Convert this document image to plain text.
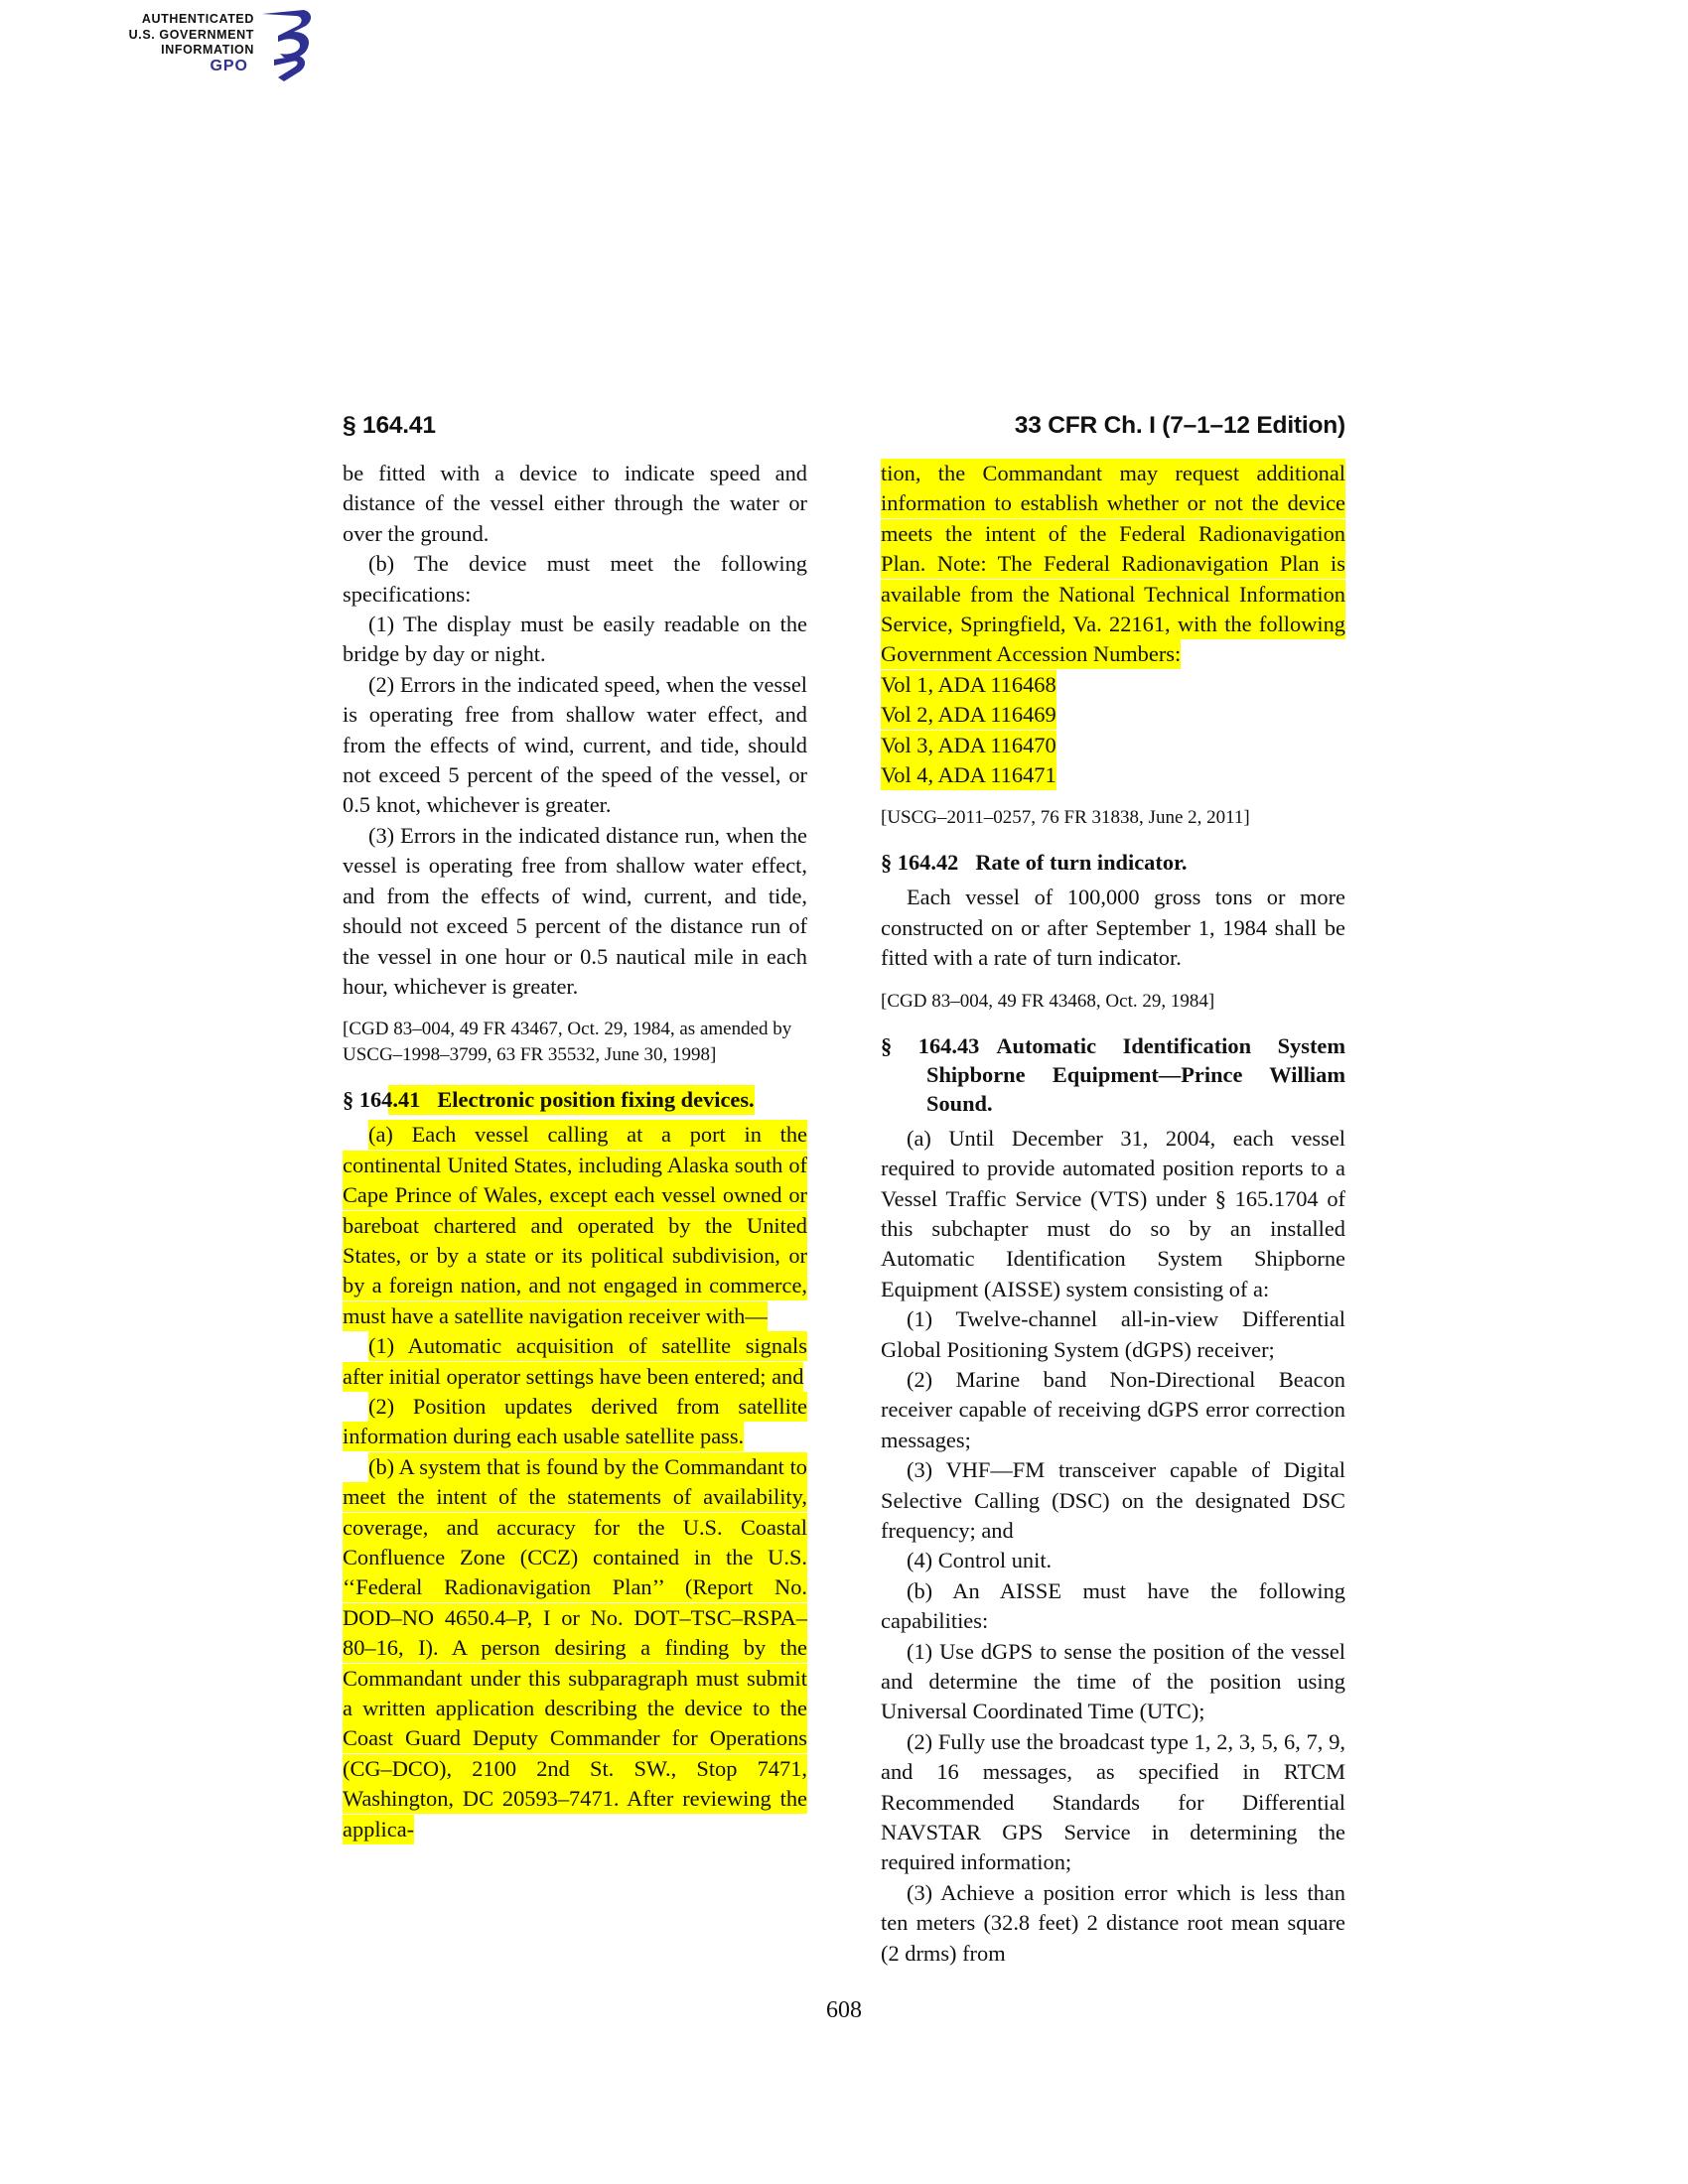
AUTHENTICATED
U.S. GOVERNMENT
INFORMATION
GPO
§ 164.41	33 CFR Ch. I (7–1–12 Edition)

be fitted with a device to indicate speed and distance of the vessel either through the water or over the ground.

(b) The device must meet the following specifications:

(1) The display must be easily readable on the bridge by day or night.

(2) Errors in the indicated speed, when the vessel is operating free from shallow water effect, and from the effects of wind, current, and tide, should not exceed 5 percent of the speed of the vessel, or 0.5 knot, whichever is greater.

(3) Errors in the indicated distance run, when the vessel is operating free from shallow water effect, and from the effects of wind, current, and tide, should not exceed 5 percent of the distance run of the vessel in one hour or 0.5 nautical mile in each hour, whichever is greater.

[CGD 83–004, 49 FR 43467, Oct. 29, 1984, as amended by USCG–1998–3799, 63 FR 35532, June 30, 1998]

§ 164.41 Electronic position fixing devices.

(a) Each vessel calling at a port in the continental United States, including Alaska south of Cape Prince of Wales, except each vessel owned or bareboat chartered and operated by the United States, or by a state or its political subdivision, or by a foreign nation, and not engaged in commerce, must have a satellite navigation receiver with—

(1) Automatic acquisition of satellite signals after initial operator settings have been entered; and

(2) Position updates derived from satellite information during each usable satellite pass.

(b) A system that is found by the Commandant to meet the intent of the statements of availability, coverage, and accuracy for the U.S. Coastal Confluence Zone (CCZ) contained in the U.S. ‘‘Federal Radionavigation Plan’’ (Report No. DOD–NO 4650.4–P, I or No. DOT–TSC–RSPA–80–16, I). A person desiring a finding by the Commandant under this subparagraph must submit a written application describing the device to the Coast Guard Deputy Commander for Operations (CG–DCO), 2100 2nd St. SW., Stop 7471, Washington, DC 20593–7471. After reviewing the applica-

tion, the Commandant may request additional information to establish whether or not the device meets the intent of the Federal Radionavigation Plan. Note: The Federal Radionavigation Plan is available from the National Technical Information Service, Springfield, Va. 22161, with the following Government Accession Numbers:

Vol 1, ADA 116468

Vol 2, ADA 116469

Vol 3, ADA 116470

Vol 4, ADA 116471

[USCG–2011–0257, 76 FR 31838, June 2, 2011]

§ 164.42 Rate of turn indicator.

Each vessel of 100,000 gross tons or more constructed on or after September 1, 1984 shall be fitted with a rate of turn indicator.

[CGD 83–004, 49 FR 43468, Oct. 29, 1984]

§ 164.43 Automatic Identification System Shipborne Equipment—Prince William Sound.

(a) Until December 31, 2004, each vessel required to provide automated position reports to a Vessel Traffic Service (VTS) under § 165.1704 of this subchapter must do so by an installed Automatic Identification System Shipborne Equipment (AISSE) system consisting of a:

(1) Twelve-channel all-in-view Differential Global Positioning System (dGPS) receiver;

(2) Marine band Non-Directional Beacon receiver capable of receiving dGPS error correction messages;

(3) VHF—FM transceiver capable of Digital Selective Calling (DSC) on the designated DSC frequency; and

(4) Control unit.

(b) An AISSE must have the following capabilities:

(1) Use dGPS to sense the position of the vessel and determine the time of the position using Universal Coordinated Time (UTC);

(2) Fully use the broadcast type 1, 2, 3, 5, 6, 7, 9, and 16 messages, as specified in RTCM Recommended Standards for Differential NAVSTAR GPS Service in determining the required information;

(3) Achieve a position error which is less than ten meters (32.8 feet) 2 distance root mean square (2 drms) from

608
